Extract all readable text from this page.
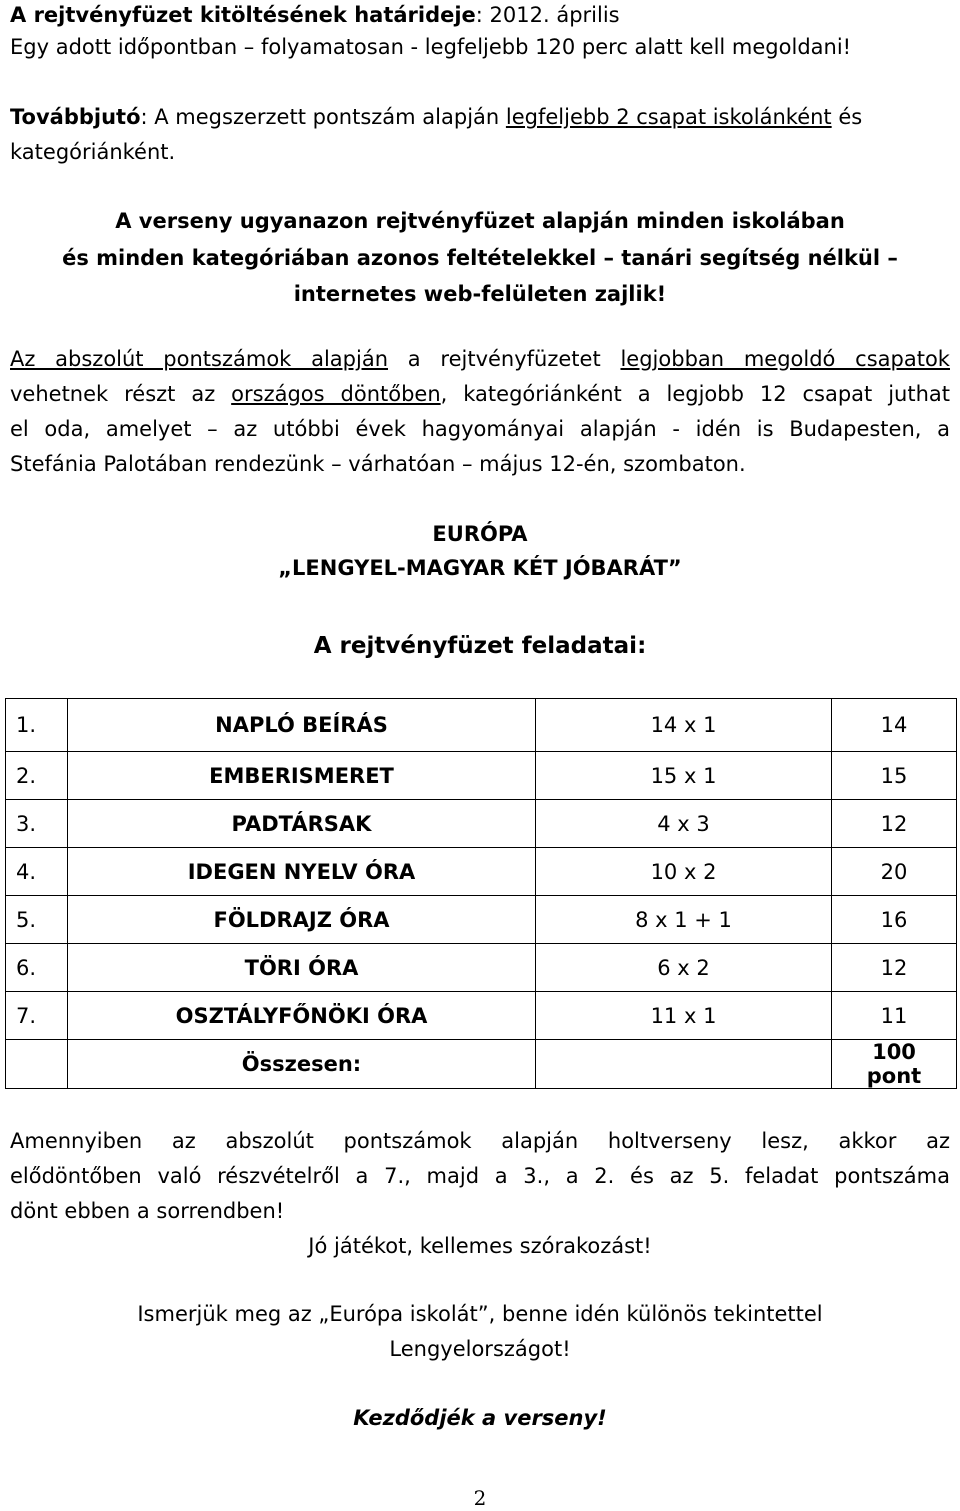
A rejtvényfüzet kitöltésének határideje: 2012. április
Egy adott időpontban – folyamatosan - legfeljebb 120 perc alatt kell megoldani!
Továbbjutó: A megszerzett pontszám alapján legfeljebb 2 csapat iskolánként és
kategóriánként.
A verseny ugyanazon rejtvényfüzet alapján minden iskolában
és minden kategóriában azonos feltételekkel – tanári segítség nélkül –
internetes web-felületen zajlik!
Az abszolút pontszámok alapján a rejtvényfüzetet legjobban megoldó csapatok
vehetnek részt az országos döntőben, kategóriánként a legjobb 12 csapat juthat
el oda, amelyet – az utóbbi évek hagyományai alapján - idén is Budapesten, a
Stefánia Palotában rendezünk – várhatóan – május 12-én, szombaton.
EURÓPA
„LENGYEL-MAGYAR KÉT JÓBARÁT”
A rejtvényfüzet feladatai:
1.	NAPLÓ BEÍRÁS	14 x 1	14
2.	EMBERISMERET	15 x 1	15
3.	PADTÁRSAK	4 x 3	12
4.	IDEGEN NYELV ÓRA	10 x 2	20
5.	FÖLDRAJZ ÓRA	8 x 1 + 1	16
6.	TÖRI ÓRA	6 x 2	12
7.	OSZTÁLYFŐNÖKI ÓRA	11 x 1	11
	Összesen:		100 pont
Amennyiben az abszolút pontszámok alapján holtverseny lesz, akkor az
elődöntőben való részvételről a 7., majd a 3., a 2. és az 5. feladat pontszáma
dönt ebben a sorrendben!
Jó játékot, kellemes szórakozást!
Ismerjük meg az „Európa iskolát”, benne idén különös tekintettel
Lengyelországot!
Kezdődjék a verseny!
2
